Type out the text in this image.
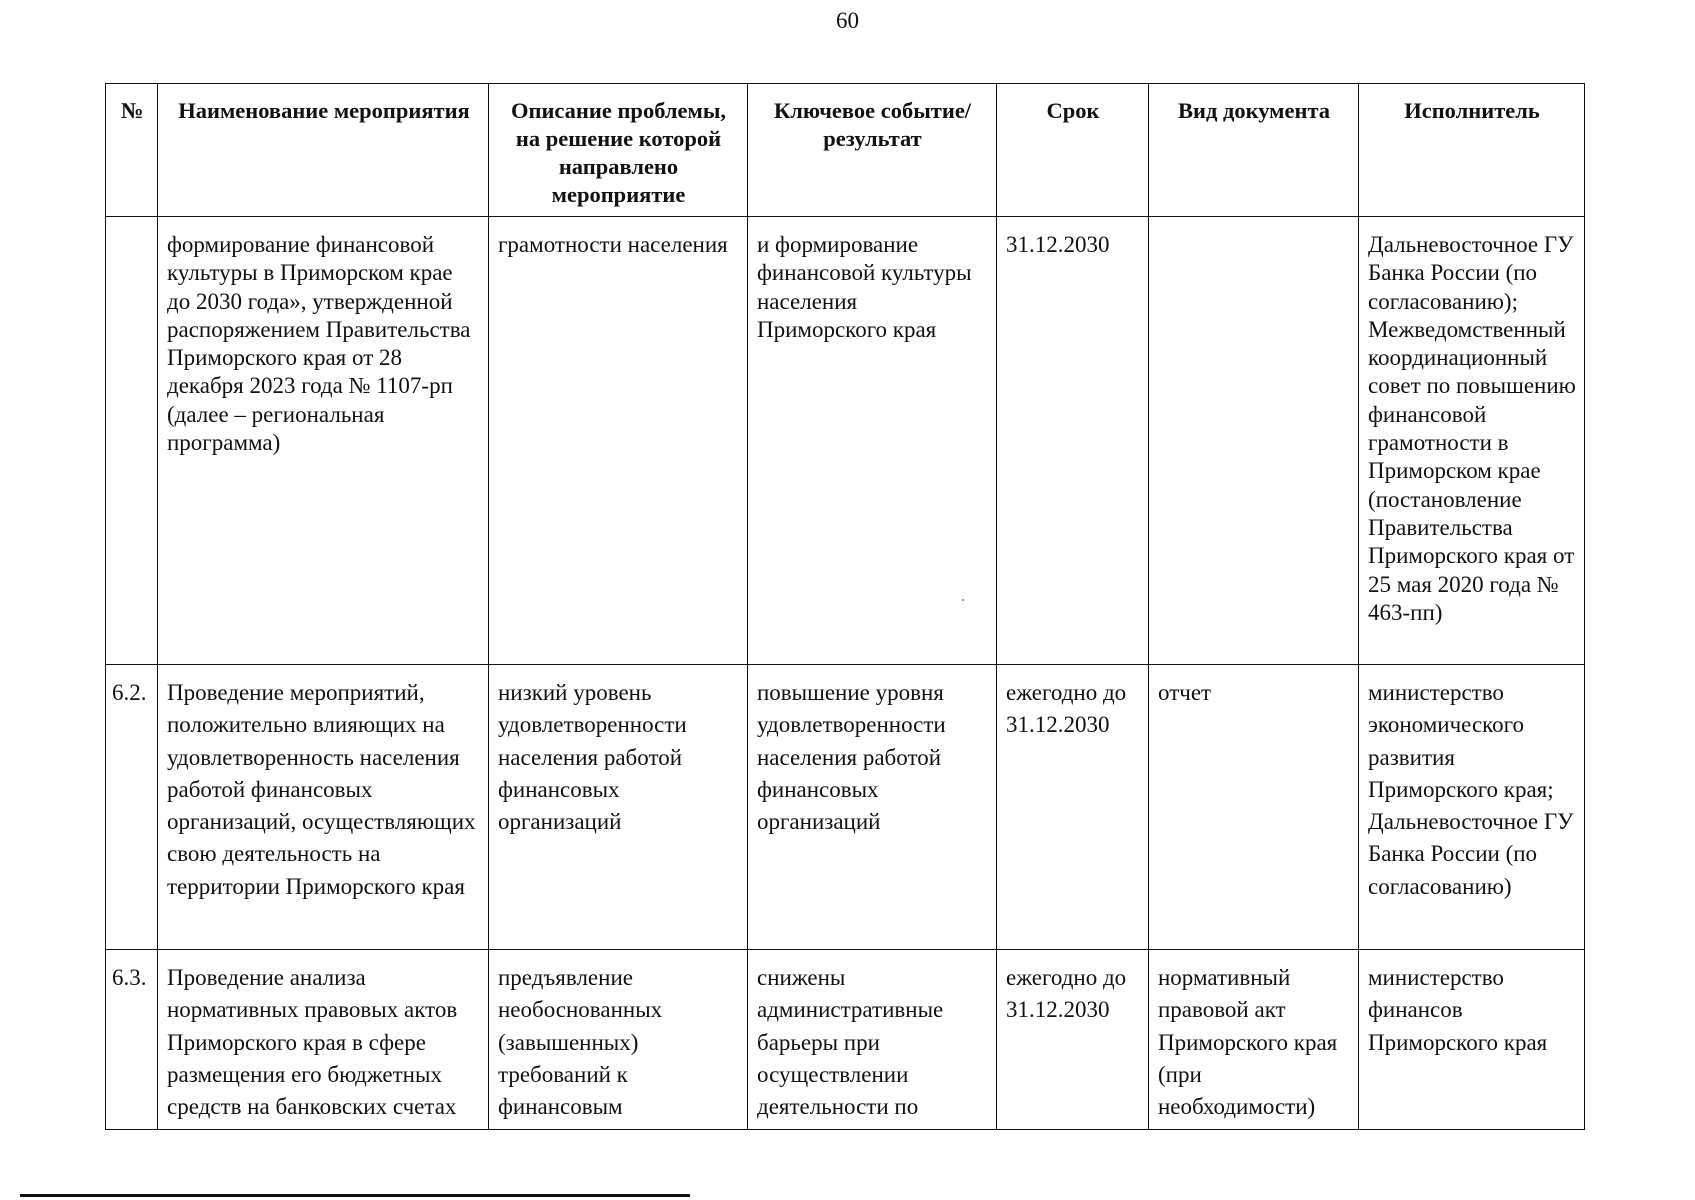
60
№	Наименование мероприятия	Описание проблемы, на решение которой направлено мероприятие	Ключевое событие/результат	Срок	Вид документа	Исполнитель
	формирование финансовой культуры в Приморском крае до 2030 года», утвержденной распоряжением Правительства Приморского края от 28 декабря 2023 года № 1107-рп (далее – региональная программа)	грамотности населения	и формирование финансовой культуры населения Приморского края	31.12.2030		Дальневосточное ГУ Банка России (по согласованию); Межведомственный координационный совет по повышению финансовой грамотности в Приморском крае (постановление Правительства Приморского края от 25 мая 2020 года № 463-пп)
6.2.	Проведение мероприятий, положительно влияющих на удовлетворенность населения работой финансовых организаций, осуществляющих свою деятельность на территории Приморского края	низкий уровень удовлетворенности населения работой финансовых организаций	повышение уровня удовлетворенности населения работой финансовых организаций	ежегодно до 31.12.2030	отчет	министерство экономического развития Приморского края; Дальневосточное ГУ Банка России (по согласованию)
6.3.	Проведение анализа нормативных правовых актов Приморского края в сфере размещения его бюджетных средств на банковских счетах	предъявление необоснованных (завышенных) требований к финансовым	снижены административные барьеры при осуществлении деятельности по	ежегодно до 31.12.2030	нормативный правовой акт Приморского края (при необходимости)	министерство финансов Приморского края
